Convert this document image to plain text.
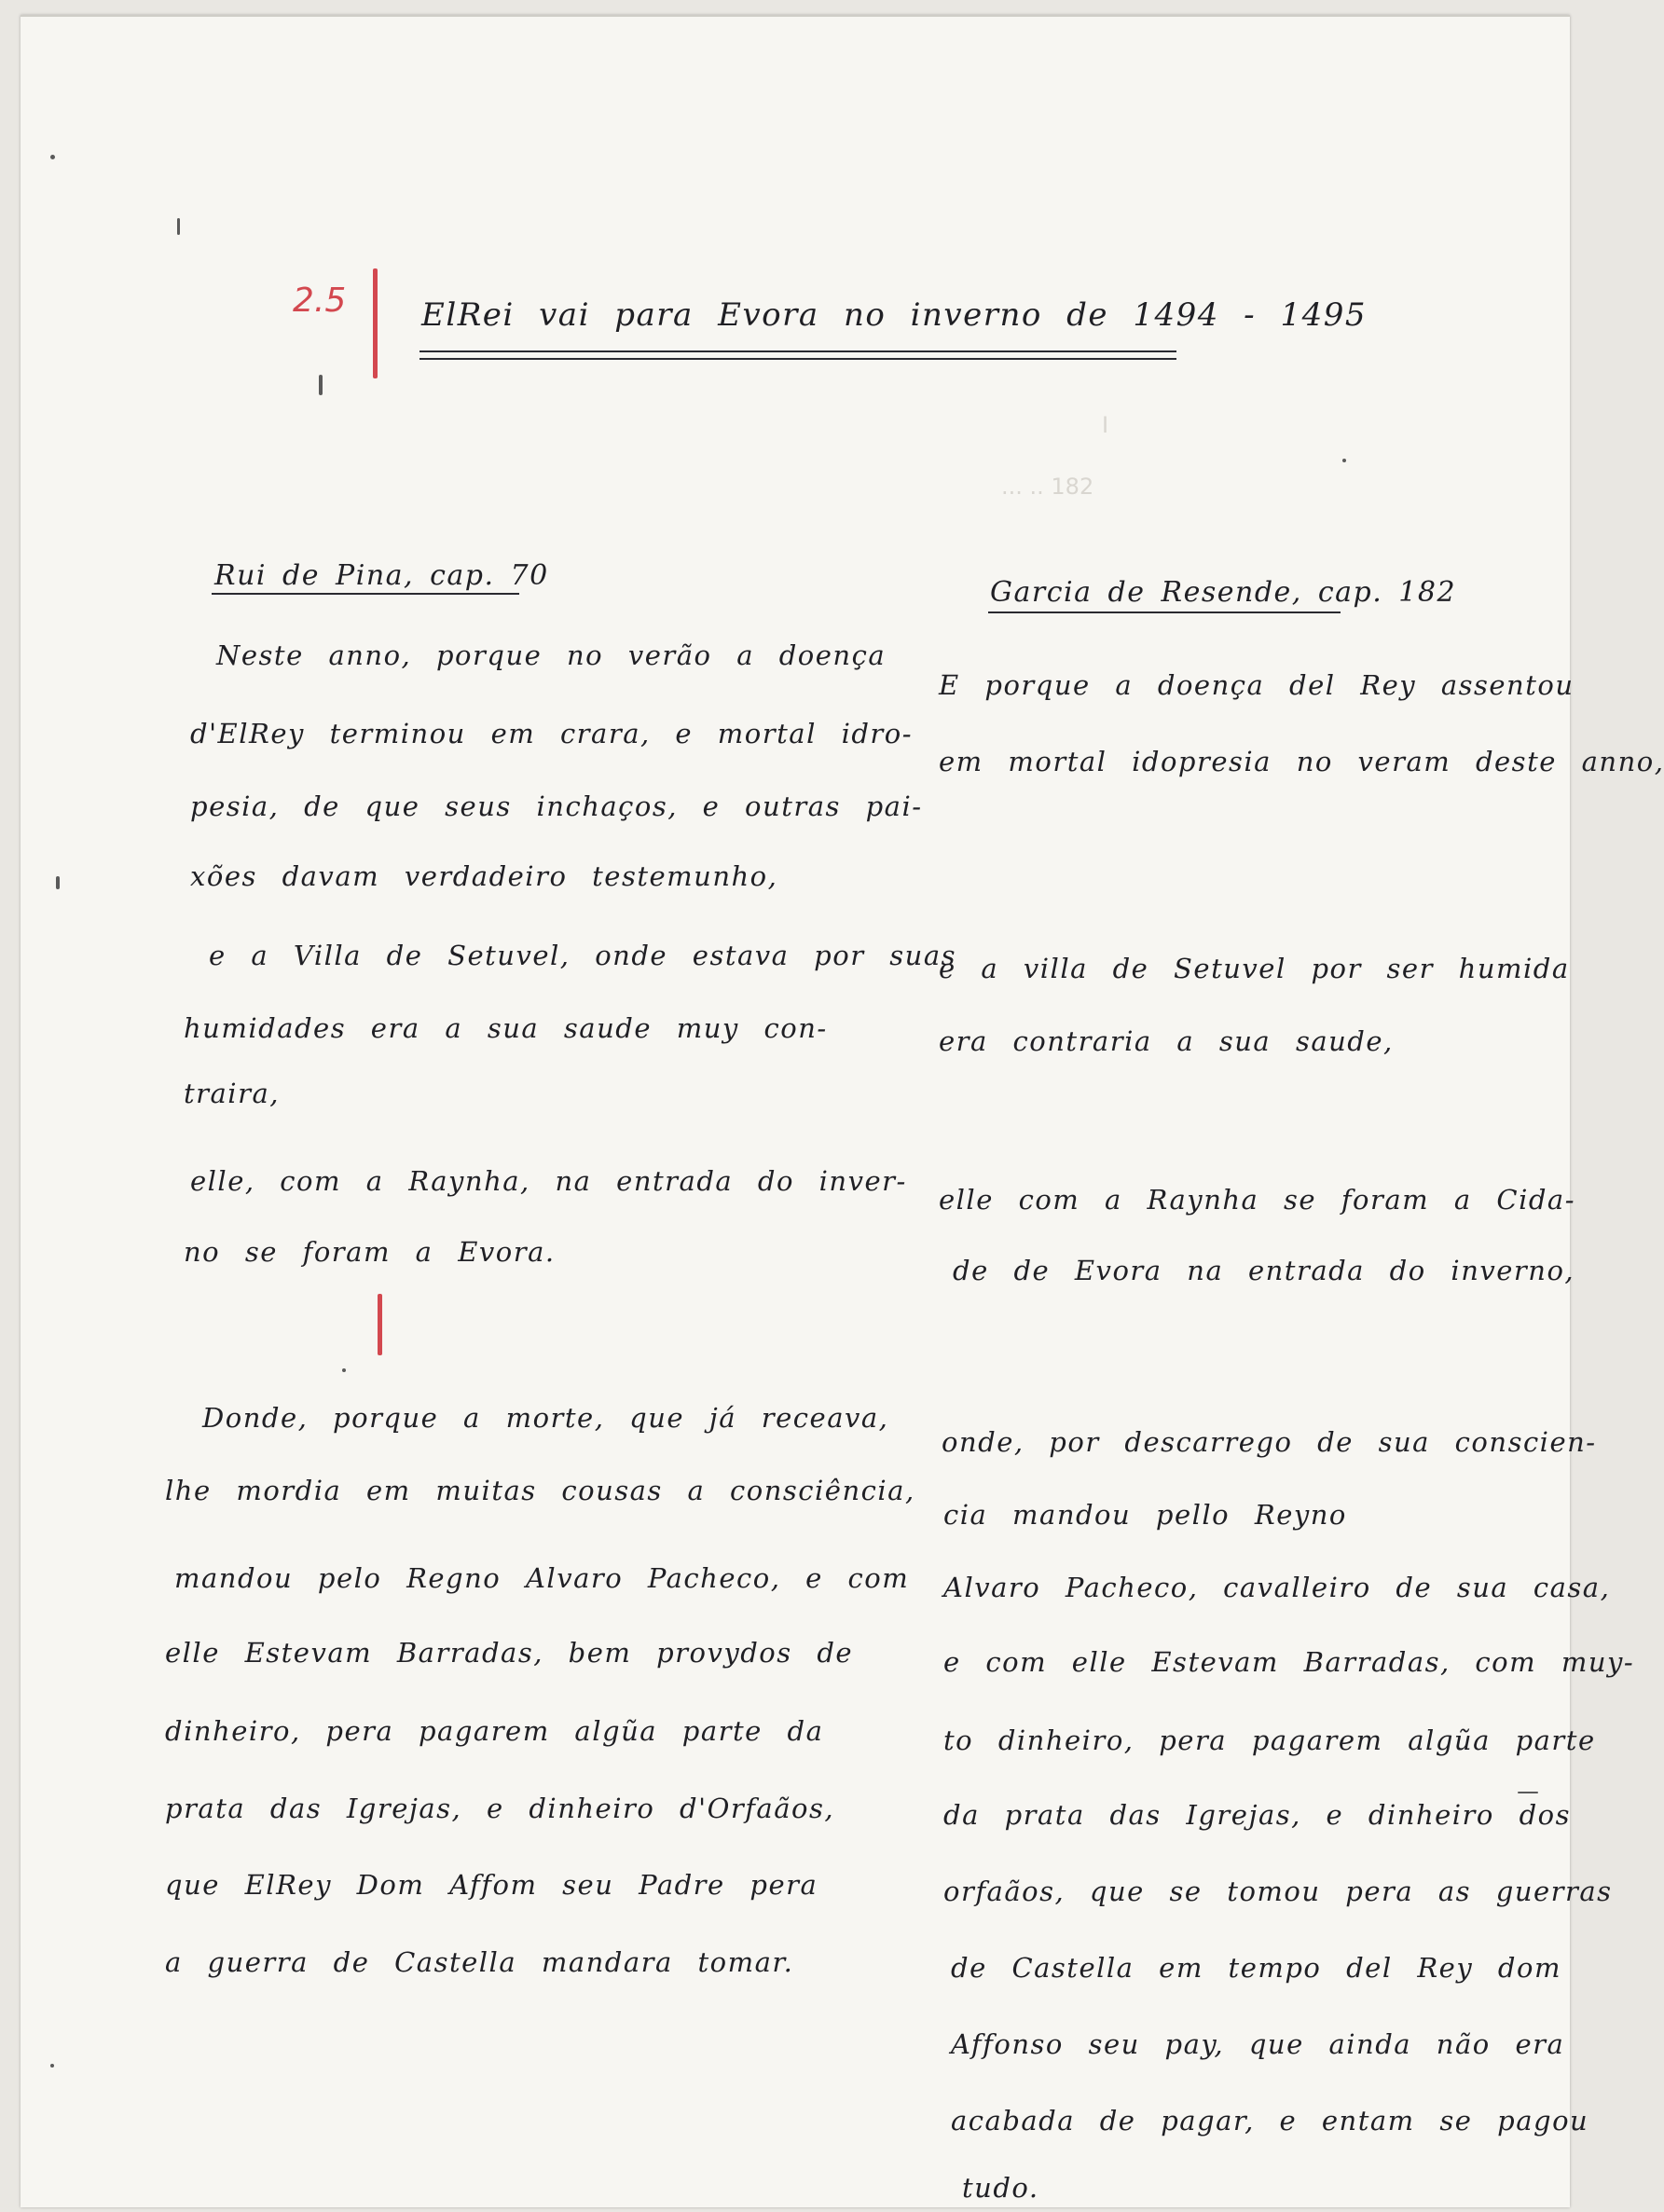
2.5 ElRei vai para Evora no inverno de 1494 - 1495
I
... .. 182
Rui de Pina, cap. 70
Neste anno, porque no verão a doença
d'ElRey terminou em crara, e mortal idro-
pesia, de que seus inchaços, e outras pai-
xões davam verdadeiro testemunho,
e a Villa de Setuvel, onde estava por suas
humidades era a sua saude muy con-
traira,
elle, com a Raynha, na entrada do inver-
no se foram a Evora.
Donde, porque a morte, que já receava,
lhe mordia em muitas cousas a consciência,
mandou pelo Regno Alvaro Pacheco, e com
elle Estevam Barradas, bem provydos de
dinheiro, pera pagarem algũa parte da
prata das Igrejas, e dinheiro d'Orfaãos,
que ElRey Dom Affom seu Padre pera
a guerra de Castella mandara tomar.
Garcia de Resende, cap. 182
E porque a doença del Rey assentou
em mortal idopresia no veram deste anno,
e a villa de Setuvel por ser humida
era contraria a sua saude,
elle com a Raynha se foram a Cida-
de de Evora na entrada do inverno,
onde, por descarrego de sua conscien-
cia mandou pello Reyno
Alvaro Pacheco, cavalleiro de sua casa,
e com elle Estevam Barradas, com muy-
to dinheiro, pera pagarem algũa parte
da prata das Igrejas, e dinheiro dos
orfaãos, que se tomou pera as guerras
de Castella em tempo del Rey dom
Affonso seu pay, que ainda não era
acabada de pagar, e entam se pagou
tudo.
